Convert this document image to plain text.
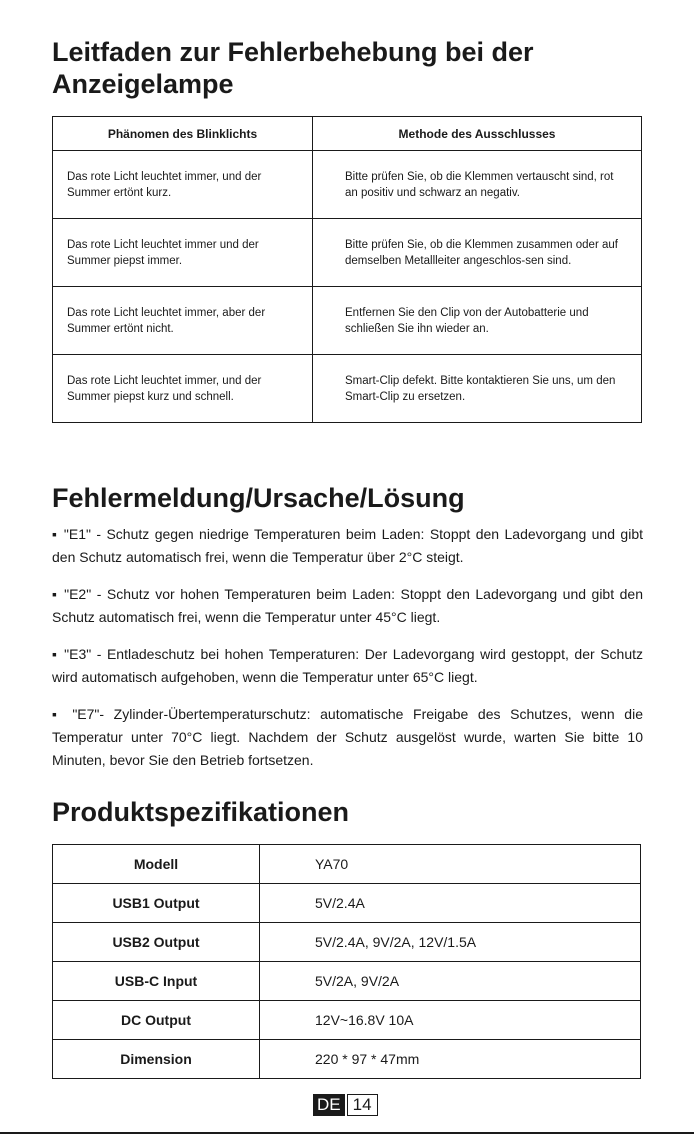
Leitfaden zur Fehlerbehebung bei der Anzeigelampe
Phänomen des Blinklichts	Methode des Ausschlusses
Das rote Licht leuchtet immer, und der Summer ertönt kurz.	Bitte prüfen Sie, ob die Klemmen vertauscht sind, rot an positiv und schwarz an negativ.
Das rote Licht leuchtet immer und der Summer piepst immer.	Bitte prüfen Sie, ob die Klemmen zusammen oder auf demselben Metallleiter angeschlos-sen sind.
Das rote Licht leuchtet immer, aber der Summer ertönt nicht.	Entfernen Sie den Clip von der Autobatterie und schließen Sie ihn wieder an.
Das rote Licht leuchtet immer, und der Summer piepst kurz und schnell.	Smart-Clip defekt. Bitte kontaktieren Sie uns, um den Smart-Clip zu ersetzen.
Fehlermeldung/Ursache/Lösung

▪ "E1" - Schutz gegen niedrige Temperaturen beim Laden: Stoppt den Ladevorgang und gibt den Schutz automatisch frei, wenn die Temperatur über 2°C steigt.

▪ "E2" - Schutz vor hohen Temperaturen beim Laden: Stoppt den Ladevorgang und gibt den Schutz automatisch frei, wenn die Temperatur unter 45°C liegt.

▪ "E3" - Entladeschutz bei hohen Temperaturen: Der Ladevorgang wird gestoppt, der Schutz wird automatisch aufgehoben, wenn die Temperatur unter 65°C liegt.

▪ "E7"- Zylinder-Übertemperaturschutz: automatische Freigabe des Schutzes, wenn die Temperatur unter 70°C liegt. Nachdem der Schutz ausgelöst wurde, warten Sie bitte 10 Minuten, bevor Sie den Betrieb fortsetzen.

Produktspezifikationen
Modell	YA70
USB1 Output	5V/2.4A
USB2 Output	5V/2.4A, 9V/2A, 12V/1.5A
USB-C Input	5V/2A, 9V/2A
DC Output	12V~16.8V 10A
Dimension	220 * 97 * 47mm
DE 14
